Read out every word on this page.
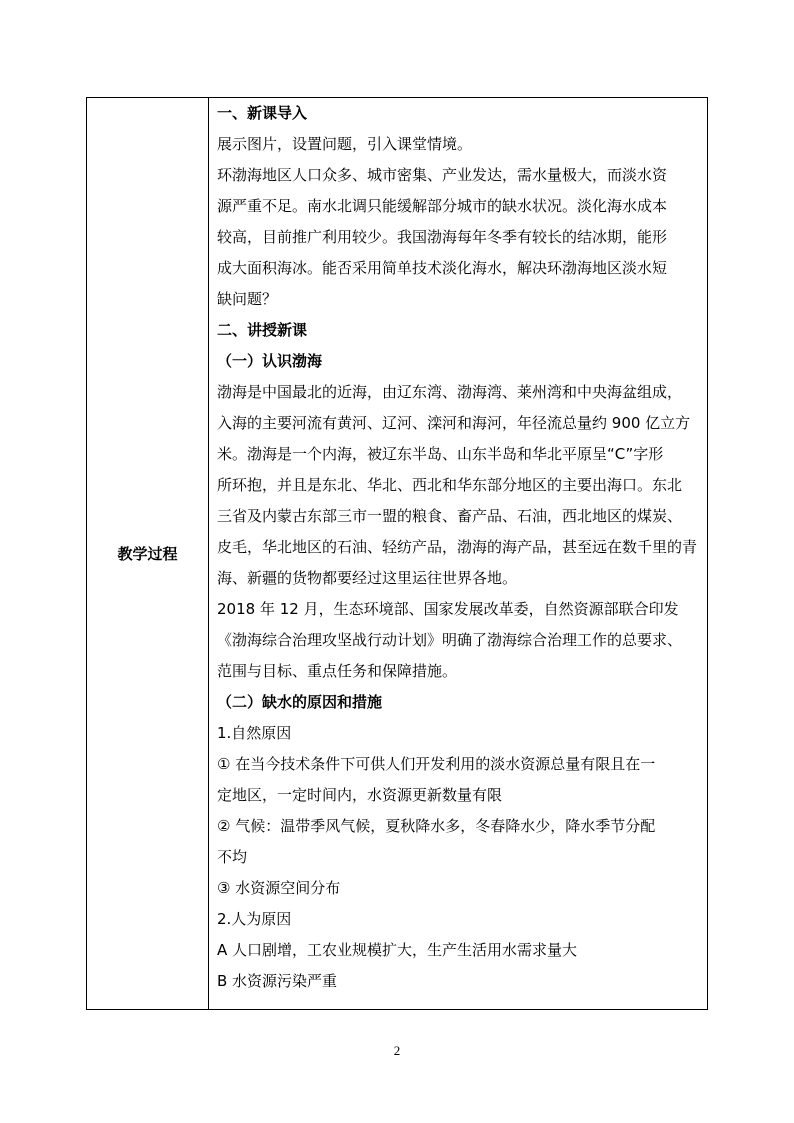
教学过程
一、新课导入
展示图片，设置问题，引入课堂情境。
环渤海地区人口众多、城市密集、产业发达，需水量极大，而淡水资
源严重不足。南水北调只能缓解部分城市的缺水状况。淡化海水成本
较高，目前推广利用较少。我国渤海每年冬季有较长的结冰期，能形
成大面积海冰。能否采用简单技术淡化海水，解决环渤海地区淡水短
缺问题？
二、讲授新课
（一）认识渤海
渤海是中国最北的近海，由辽东湾、渤海湾、莱州湾和中央海盆组成，
入海的主要河流有黄河、辽河、滦河和海河，年径流总量约 900 亿立方
米。渤海是一个内海，被辽东半岛、山东半岛和华北平原呈“C”字形
所环抱，并且是东北、华北、西北和华东部分地区的主要出海口。东北
三省及内蒙古东部三市一盟的粮食、畜产品、石油，西北地区的煤炭、
皮毛，华北地区的石油、轻纺产品，渤海的海产品，甚至远在数千里的青
海、新疆的货物都要经过这里运往世界各地。
2018 年 12 月，生态环境部、国家发展改革委，自然资源部联合印发
《渤海综合治理攻坚战行动计划》明确了渤海综合治理工作的总要求、
范围与目标、重点任务和保障措施。
（二）缺水的原因和措施
1.自然原因
① 在当今技术条件下可供人们开发利用的淡水资源总量有限且在一
定地区，一定时间内，水资源更新数量有限
② 气候：温带季风气候，夏秋降水多，冬春降水少，降水季节分配
不均
③ 水资源空间分布
2.人为原因
A 人口剧增，工农业规模扩大，生产生活用水需求量大
B 水资源污染严重
2
